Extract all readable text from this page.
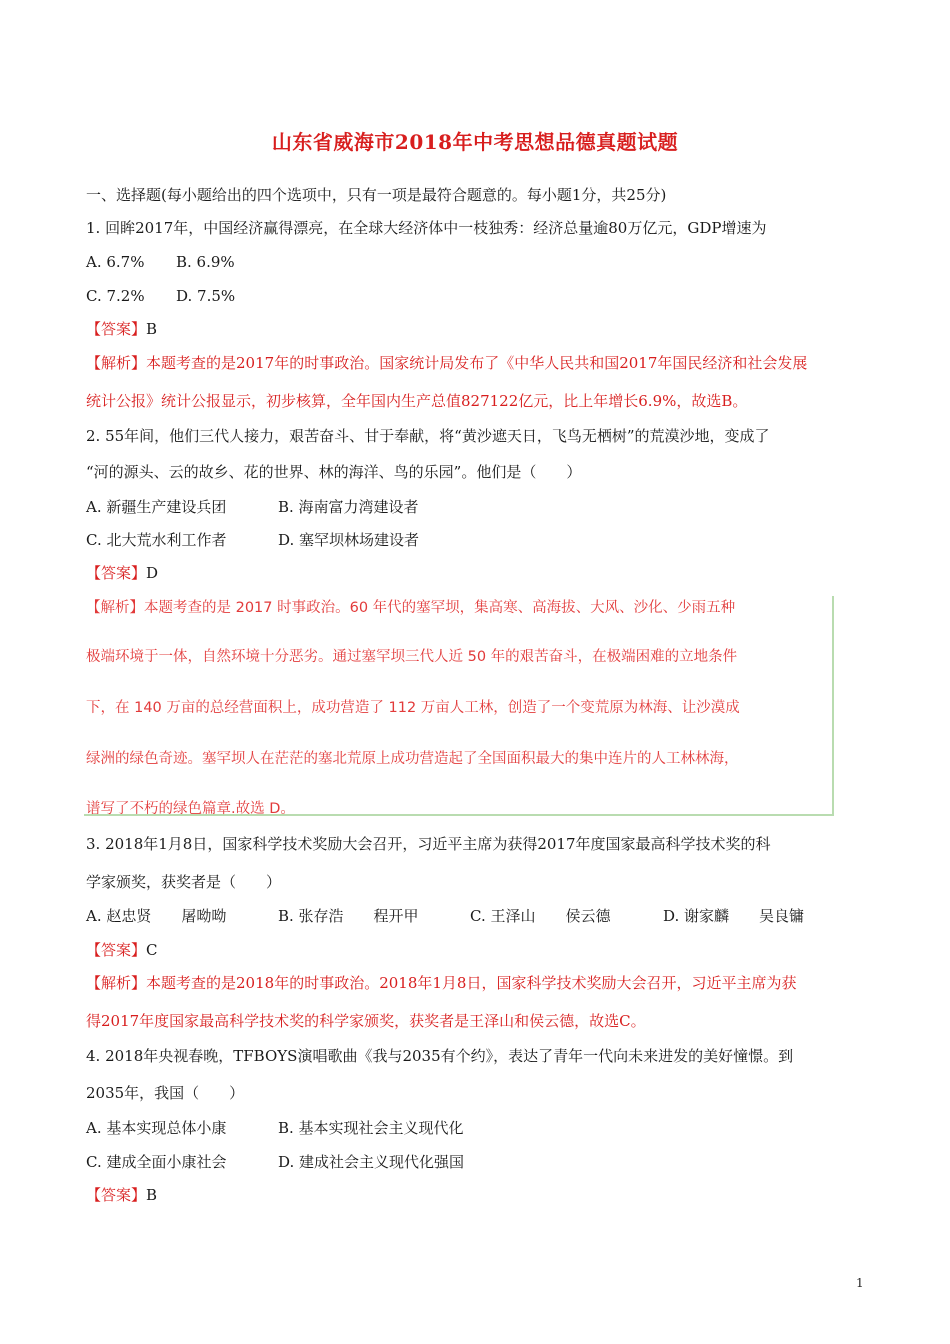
山东省威海市2018年中考思想品德真题试题
一、选择题(每小题给出的四个选项中，只有一项是最符合题意的。每小题1分，共25分)
1. 回眸2017年，中国经济赢得漂亮，在全球大经济体中一枝独秀：经济总量逾80万亿元，GDP增速为
A. 6.7% B. 6.9%
C. 7.2% D. 7.5%
【答案】B
【解析】本题考查的是2017年的时事政治。国家统计局发布了《中华人民共和国2017年国民经济和社会发展
统计公报》统计公报显示，初步核算，全年国内生产总值827122亿元，比上年增长6.9%，故选B。
2. 55年间，他们三代人接力，艰苦奋斗、甘于奉献，将“黄沙遮天日，飞鸟无栖树”的荒漠沙地，变成了
“河的源头、云的故乡、花的世界、林的海洋、鸟的乐园”。他们是（　　）
A. 新疆生产建设兵团	B. 海南富力湾建设者
C. 北大荒水利工作者	D. 塞罕坝林场建设者
【答案】D
【解析】本题考查的是 2017 时事政治。60 年代的塞罕坝，集高寒、高海拔、大风、沙化、少雨五种
极端环境于一体，自然环境十分恶劣。通过塞罕坝三代人近 50 年的艰苦奋斗，在极端困难的立地条件
下，在 140 万亩的总经营面积上，成功营造了 112 万亩人工林，创造了一个变荒原为林海、让沙漠成
绿洲的绿色奇迹。塞罕坝人在茫茫的塞北荒原上成功营造起了全国面积最大的集中连片的人工林林海，
谱写了不朽的绿色篇章.故选 D。
3. 2018年1月8日，国家科学技术奖励大会召开，习近平主席为获得2017年度国家最高科学技术奖的科
学家颁奖，获奖者是（　　）
A. 赵忠贤　　屠呦呦	B. 张存浩　　程开甲	C. 王泽山　　侯云德	D. 谢家麟　　吴良镛
【答案】C
【解析】本题考查的是2018年的时事政治。2018年1月8日，国家科学技术奖励大会召开，习近平主席为获
得2017年度国家最高科学技术奖的科学家颁奖，获奖者是王泽山和侯云德，故选C。
4. 2018年央视春晚，TFBOYS演唱歌曲《我与2035有个约》，表达了青年一代向未来进发的美好憧憬。到
2035年，我国（　　）
A. 基本实现总体小康	B. 基本实现社会主义现代化
C. 建成全面小康社会	D. 建成社会主义现代化强国
【答案】B
1
